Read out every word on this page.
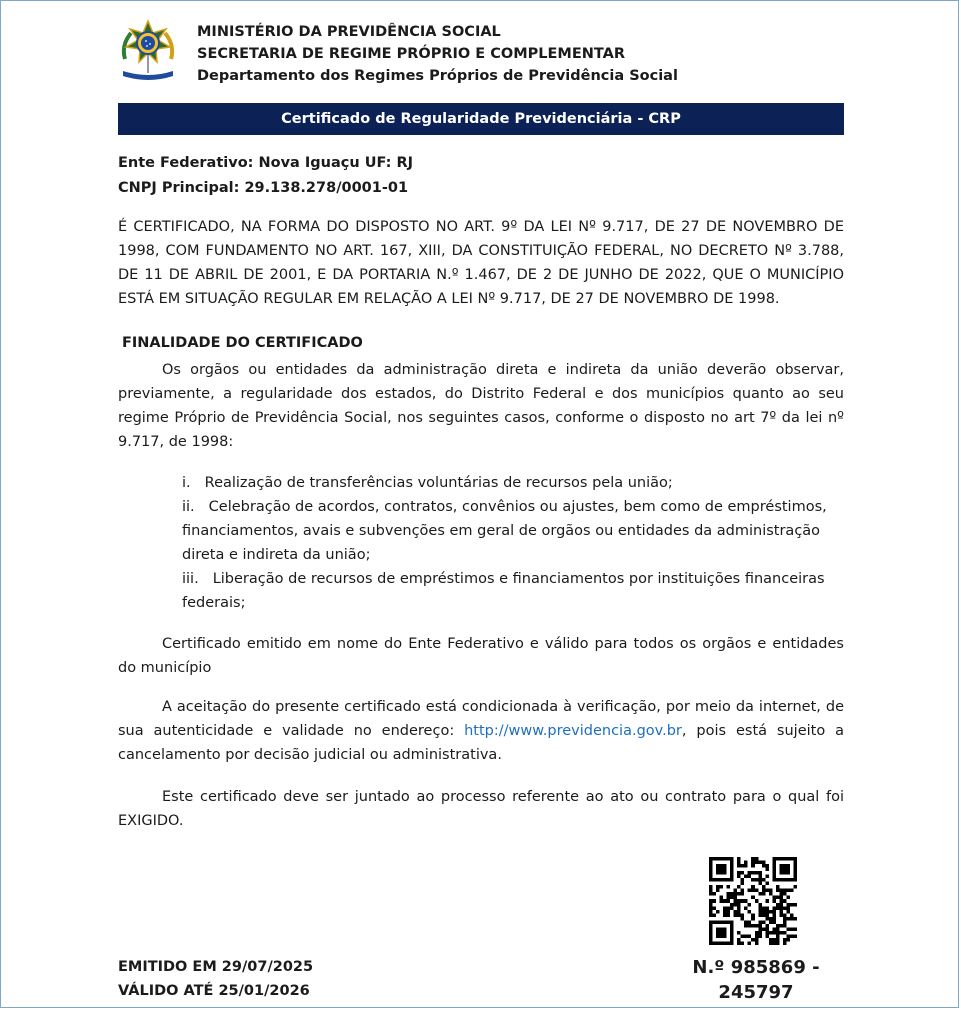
MINISTÉRIO DA PREVIDÊNCIA SOCIAL
SECRETARIA DE REGIME PRÓPRIO E COMPLEMENTAR
Departamento dos Regimes Próprios de Previdência Social
Certificado de Regularidade Previdenciária - CRP
Ente Federativo: Nova Iguaçu UF: RJ
CNPJ Principal: 29.138.278/0001-01
É CERTIFICADO, NA FORMA DO DISPOSTO NO ART. 9º DA LEI Nº 9.717, DE 27 DE NOVEMBRO DE 1998, COM FUNDAMENTO NO ART. 167, XIII, DA CONSTITUIÇÃO FEDERAL, NO DECRETO Nº 3.788, DE 11 DE ABRIL DE 2001, E DA PORTARIA N.º 1.467, DE 2 DE JUNHO DE 2022, QUE O MUNICÍPIO ESTÁ EM SITUAÇÃO REGULAR EM RELAÇÃO A LEI Nº 9.717, DE 27 DE NOVEMBRO DE 1998.
FINALIDADE DO CERTIFICADO
Os orgãos ou entidades da administração direta e indireta da união deverão observar, previamente, a regularidade dos estados, do Distrito Federal e dos municípios quanto ao seu regime Próprio de Previdência Social, nos seguintes casos, conforme o disposto no art 7º da lei nº 9.717, de 1998:
i. Realização de transferências voluntárias de recursos pela união;
ii. Celebração de acordos, contratos, convênios ou ajustes, bem como de empréstimos, financiamentos, avais e subvenções em geral de orgãos ou entidades da administração direta e indireta da união;
iii. Liberação de recursos de empréstimos e financiamentos por instituições financeiras federais;
Certificado emitido em nome do Ente Federativo e válido para todos os orgãos e entidades do município
A aceitação do presente certificado está condicionada à verificação, por meio da internet, de sua autenticidade e validade no endereço: http://www.previdencia.gov.br, pois está sujeito a cancelamento por decisão judicial ou administrativa.
Este certificado deve ser juntado ao processo referente ao ato ou contrato para o qual foi EXIGIDO.
EMITIDO EM 29/07/2025
VÁLIDO ATÉ 25/01/2026
N.º 985869 -
245797
